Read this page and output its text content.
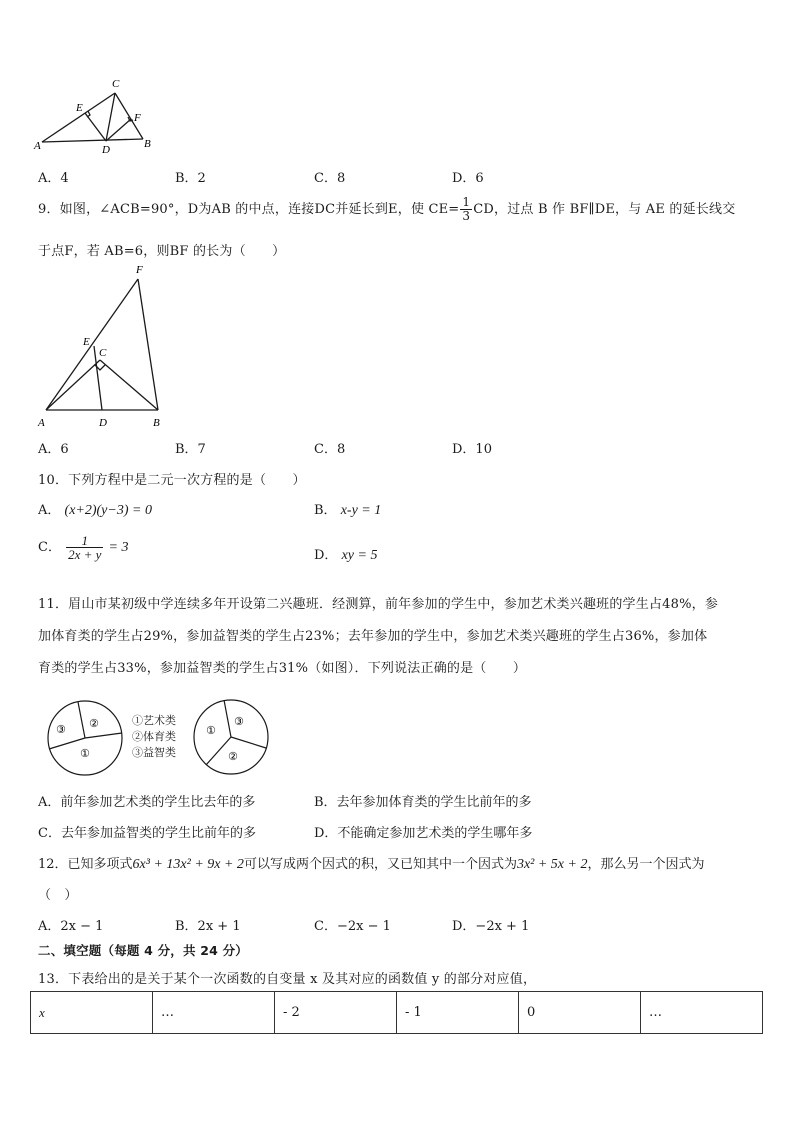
C
E
F
A	D	B
A．4	B．2	C．8	D．6
9．如图，∠ACB=90°，D为AB 的中点，连接DC并延长到E，使 $CE= \frac{1}{3}$ CD，过点 B 作 BF∥DE，与 AE 的延长线交
于点F，若 AB=6，则BF 的长为（　　）
F
E
C
A	D	B
A．6	B．7	C．8	D．10
10．下列方程中是二元一次方程的是（　　）
A． (x+2)(y−3) = 0	B． x-y = 1
C． $\frac{1}{2x + y} = 3$
D． xy = 5
11．眉山市某初级中学连续多年开设第二兴趣班．经测算，前年参加的学生中，参加艺术类兴趣班的学生占48%，参
加体育类的学生占29%，参加益智类的学生占23%；去年参加的学生中，参加艺术类兴趣班的学生占36%，参加体
育类的学生占33%，参加益智类的学生占31%（如图）．下列说法正确的是（　　）
②
③
①
①艺术类
②体育类
③益智类
③
①
②
A．前年参加艺术类的学生比去年的多	B．去年参加体育类的学生比前年的多
C．去年参加益智类的学生比前年的多	D．不能确定参加艺术类的学生哪年多
12．已知多项式6x³ + 13x² + 9x + 2可以写成两个因式的积，又已知其中一个因式为3x² + 5x + 2，那么另一个因式为
（　）
A．2x − 1	B．2x + 1	C．−2x − 1	D．−2x + 1
二、填空题（每题 4 分，共 24 分）
13．下表给出的是关于某个一次函数的自变量 x 及其对应的函数值 y 的部分对应值，
x	…	- 2	- 1	0	…
